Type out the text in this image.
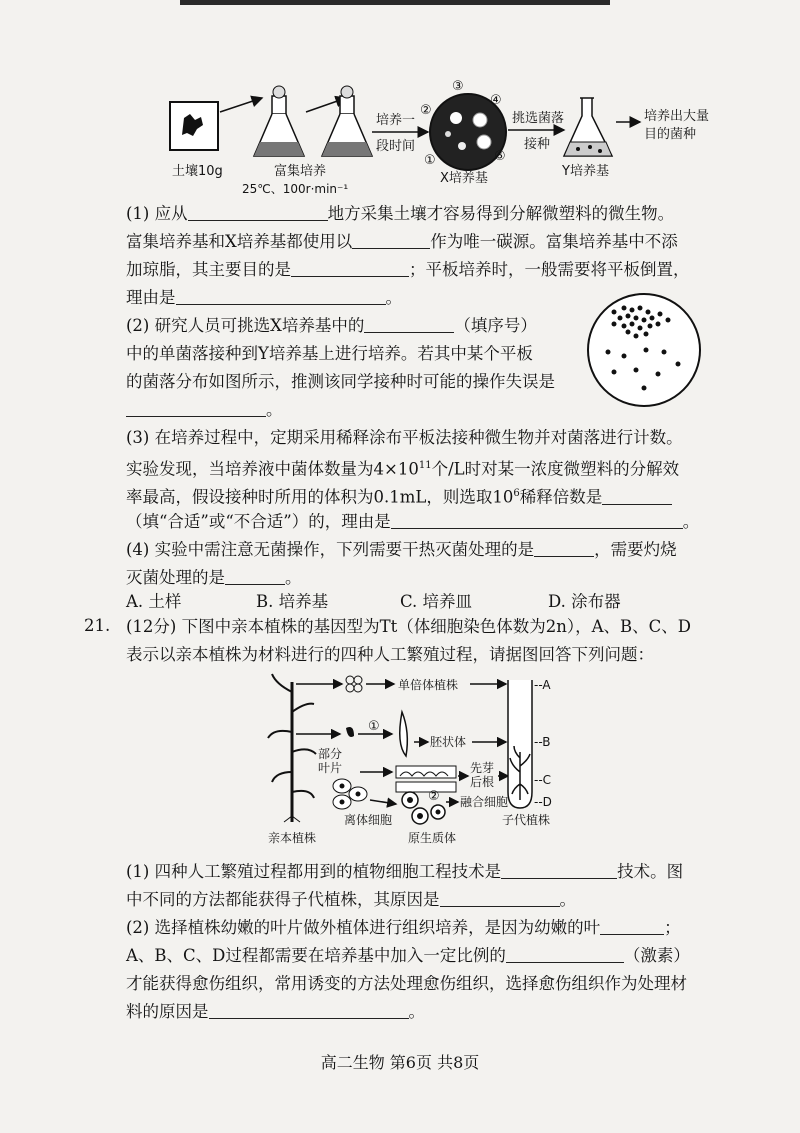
土壤10g	富集培养
25℃、100r·min⁻¹
培养一
段时间
①
②
③
④
⑤
X培养基
挑选菌落
接种
Y培养基
培养出大量
目的菌种
(1) 应从	地方采集土壤才容易得到分解微塑料的微生物。
富集培养基和X培养基都使用以	作为唯一碳源。富集培养基中不添
加琼脂，其主要目的是	；平板培养时，一般需要将平板倒置，
理由是	。
(2) 研究人员可挑选X培养基中的	（填序号）
中的单菌落接种到Y培养基上进行培养。若其中某个平板
的菌落分布如图所示，推测该同学接种时可能的操作失误是
。
(3) 在培养过程中，定期采用稀释涂布平板法接种微生物并对菌落进行计数。
实验发现，当培养液中菌体数量为$4\times 10^{11}$个/L时对某一浓度微塑料的分解效
率最高，假设接种时所用的体积为0.1mL，则选取$10^6$稀释倍数是
（填“合适”或“不合适”）的，理由是	。
(4) 实验中需注意无菌操作，下列需要干热灭菌处理的是	，需要灼烧
灭菌处理的是	。
A. 土样	B. 培养基	C. 培养皿	D. 涂布器
21. (12分) 下图中亲本植株的基因型为Tt（体细胞染色体数为2n），A、B、C、D
表示以亲本植株为材料进行的四种人工繁殖过程，请据图回答下列问题：
亲本植株
单倍体植株
部分
叶片
①
胚状体
先芽
后根
离体细胞
原生质体
② 融合细胞
子代植株
--A
--B
--C
--D
(1) 四种人工繁殖过程都用到的植物细胞工程技术是	技术。图
中不同的方法都能获得子代植株，其原因是	。
(2) 选择植株幼嫩的叶片做外植体进行组织培养，是因为幼嫩的叶	；
A、B、C、D过程都需要在培养基中加入一定比例的	（激素）
才能获得愈伤组织，常用诱变的方法处理愈伤组织，选择愈伤组织作为处理材
料的原因是	。
高二生物 第6页 共8页
